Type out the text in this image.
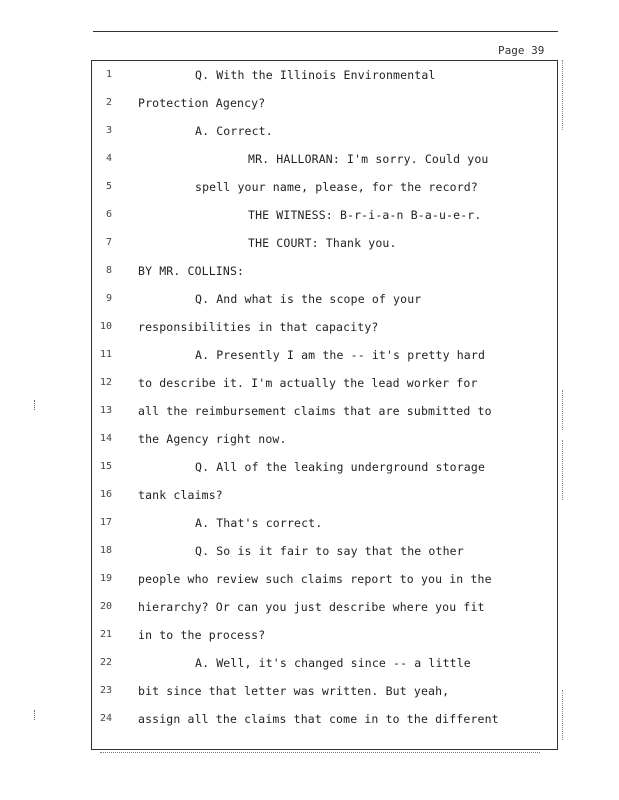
Page 39
1	Q. With the Illinois Environmental
2 Protection Agency?
3	A. Correct.
4	MR. HALLORAN: I'm sorry. Could you
5	spell your name, please, for the record?
6	THE WITNESS: B-r-i-a-n B-a-u-e-r.
7	THE COURT: Thank you.
8 BY MR. COLLINS:
9	Q. And what is the scope of your
10 responsibilities in that capacity?
11	A. Presently I am the -- it's pretty hard
12 to describe it. I'm actually the lead worker for
13 all the reimbursement claims that are submitted to
14 the Agency right now.
15	Q. All of the leaking underground storage
16 tank claims?
17	A. That's correct.
18	Q. So is it fair to say that the other
19 people who review such claims report to you in the
20 hierarchy? Or can you just describe where you fit
21 in to the process?
22	A. Well, it's changed since -- a little
23 bit since that letter was written. But yeah,
24 assign all the claims that come in to the different
